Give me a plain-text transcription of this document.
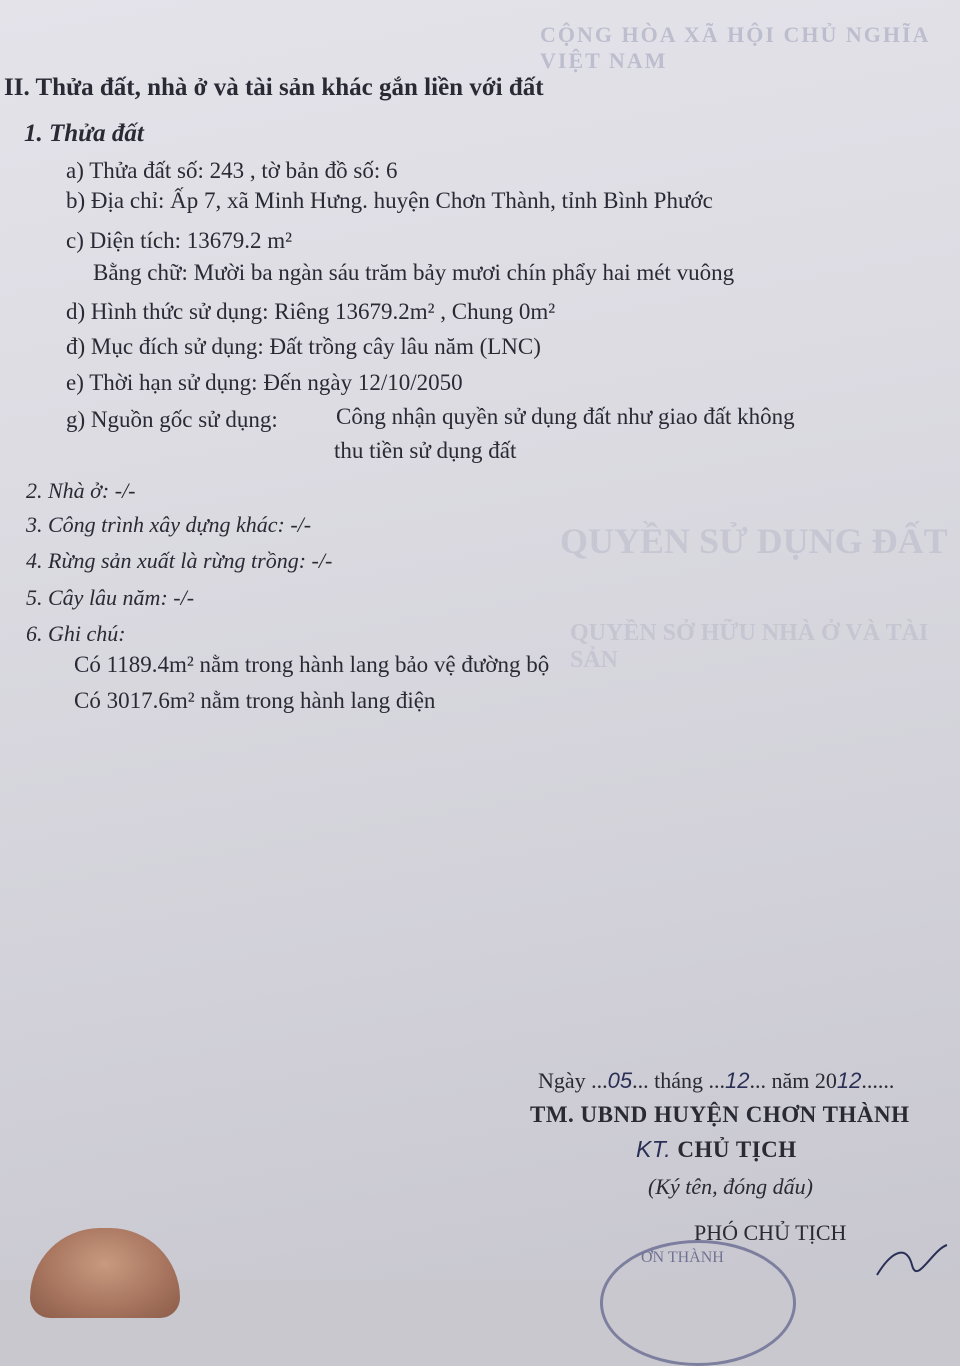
CỘNG HÒA XÃ HỘI CHỦ NGHĨA VIỆT NAM
QUYỀN SỬ DỤNG ĐẤT
QUYỀN SỞ HỮU NHÀ Ở VÀ TÀI SẢN
II. Thửa đất, nhà ở và tài sản khác gắn liền với đất
1. Thửa đất
a) Thửa đất số: 243 , tờ bản đồ số: 6
b) Địa chỉ: Ấp 7, xã Minh Hưng. huyện Chơn Thành, tỉnh Bình Phước
c) Diện tích: 13679.2 m²
Bằng chữ: Mười ba ngàn sáu trăm bảy mươi chín phẩy hai mét vuông
d) Hình thức sử dụng: Riêng 13679.2m² , Chung 0m²
đ) Mục đích sử dụng: Đất trồng cây lâu năm (LNC)
e) Thời hạn sử dụng: Đến ngày 12/10/2050
g) Nguồn gốc sử dụng:	Công nhận quyền sử dụng đất như giao đất không
thu tiền sử dụng đất
2. Nhà ở: -/-
3. Công trình xây dựng khác: -/-
4. Rừng sản xuất là rừng trồng: -/-
5. Cây lâu năm: -/-
6. Ghi chú:
Có 1189.4m² nằm trong hành lang bảo vệ đường bộ
Có 3017.6m² nằm trong hành lang điện
Ngày ...05... tháng ...12... năm 2012......
TM. UBND HUYỆN CHƠN THÀNH
KT. CHỦ TỊCH
(Ký tên, đóng dấu)
PHÓ CHỦ TỊCH
ƠN THÀNH
